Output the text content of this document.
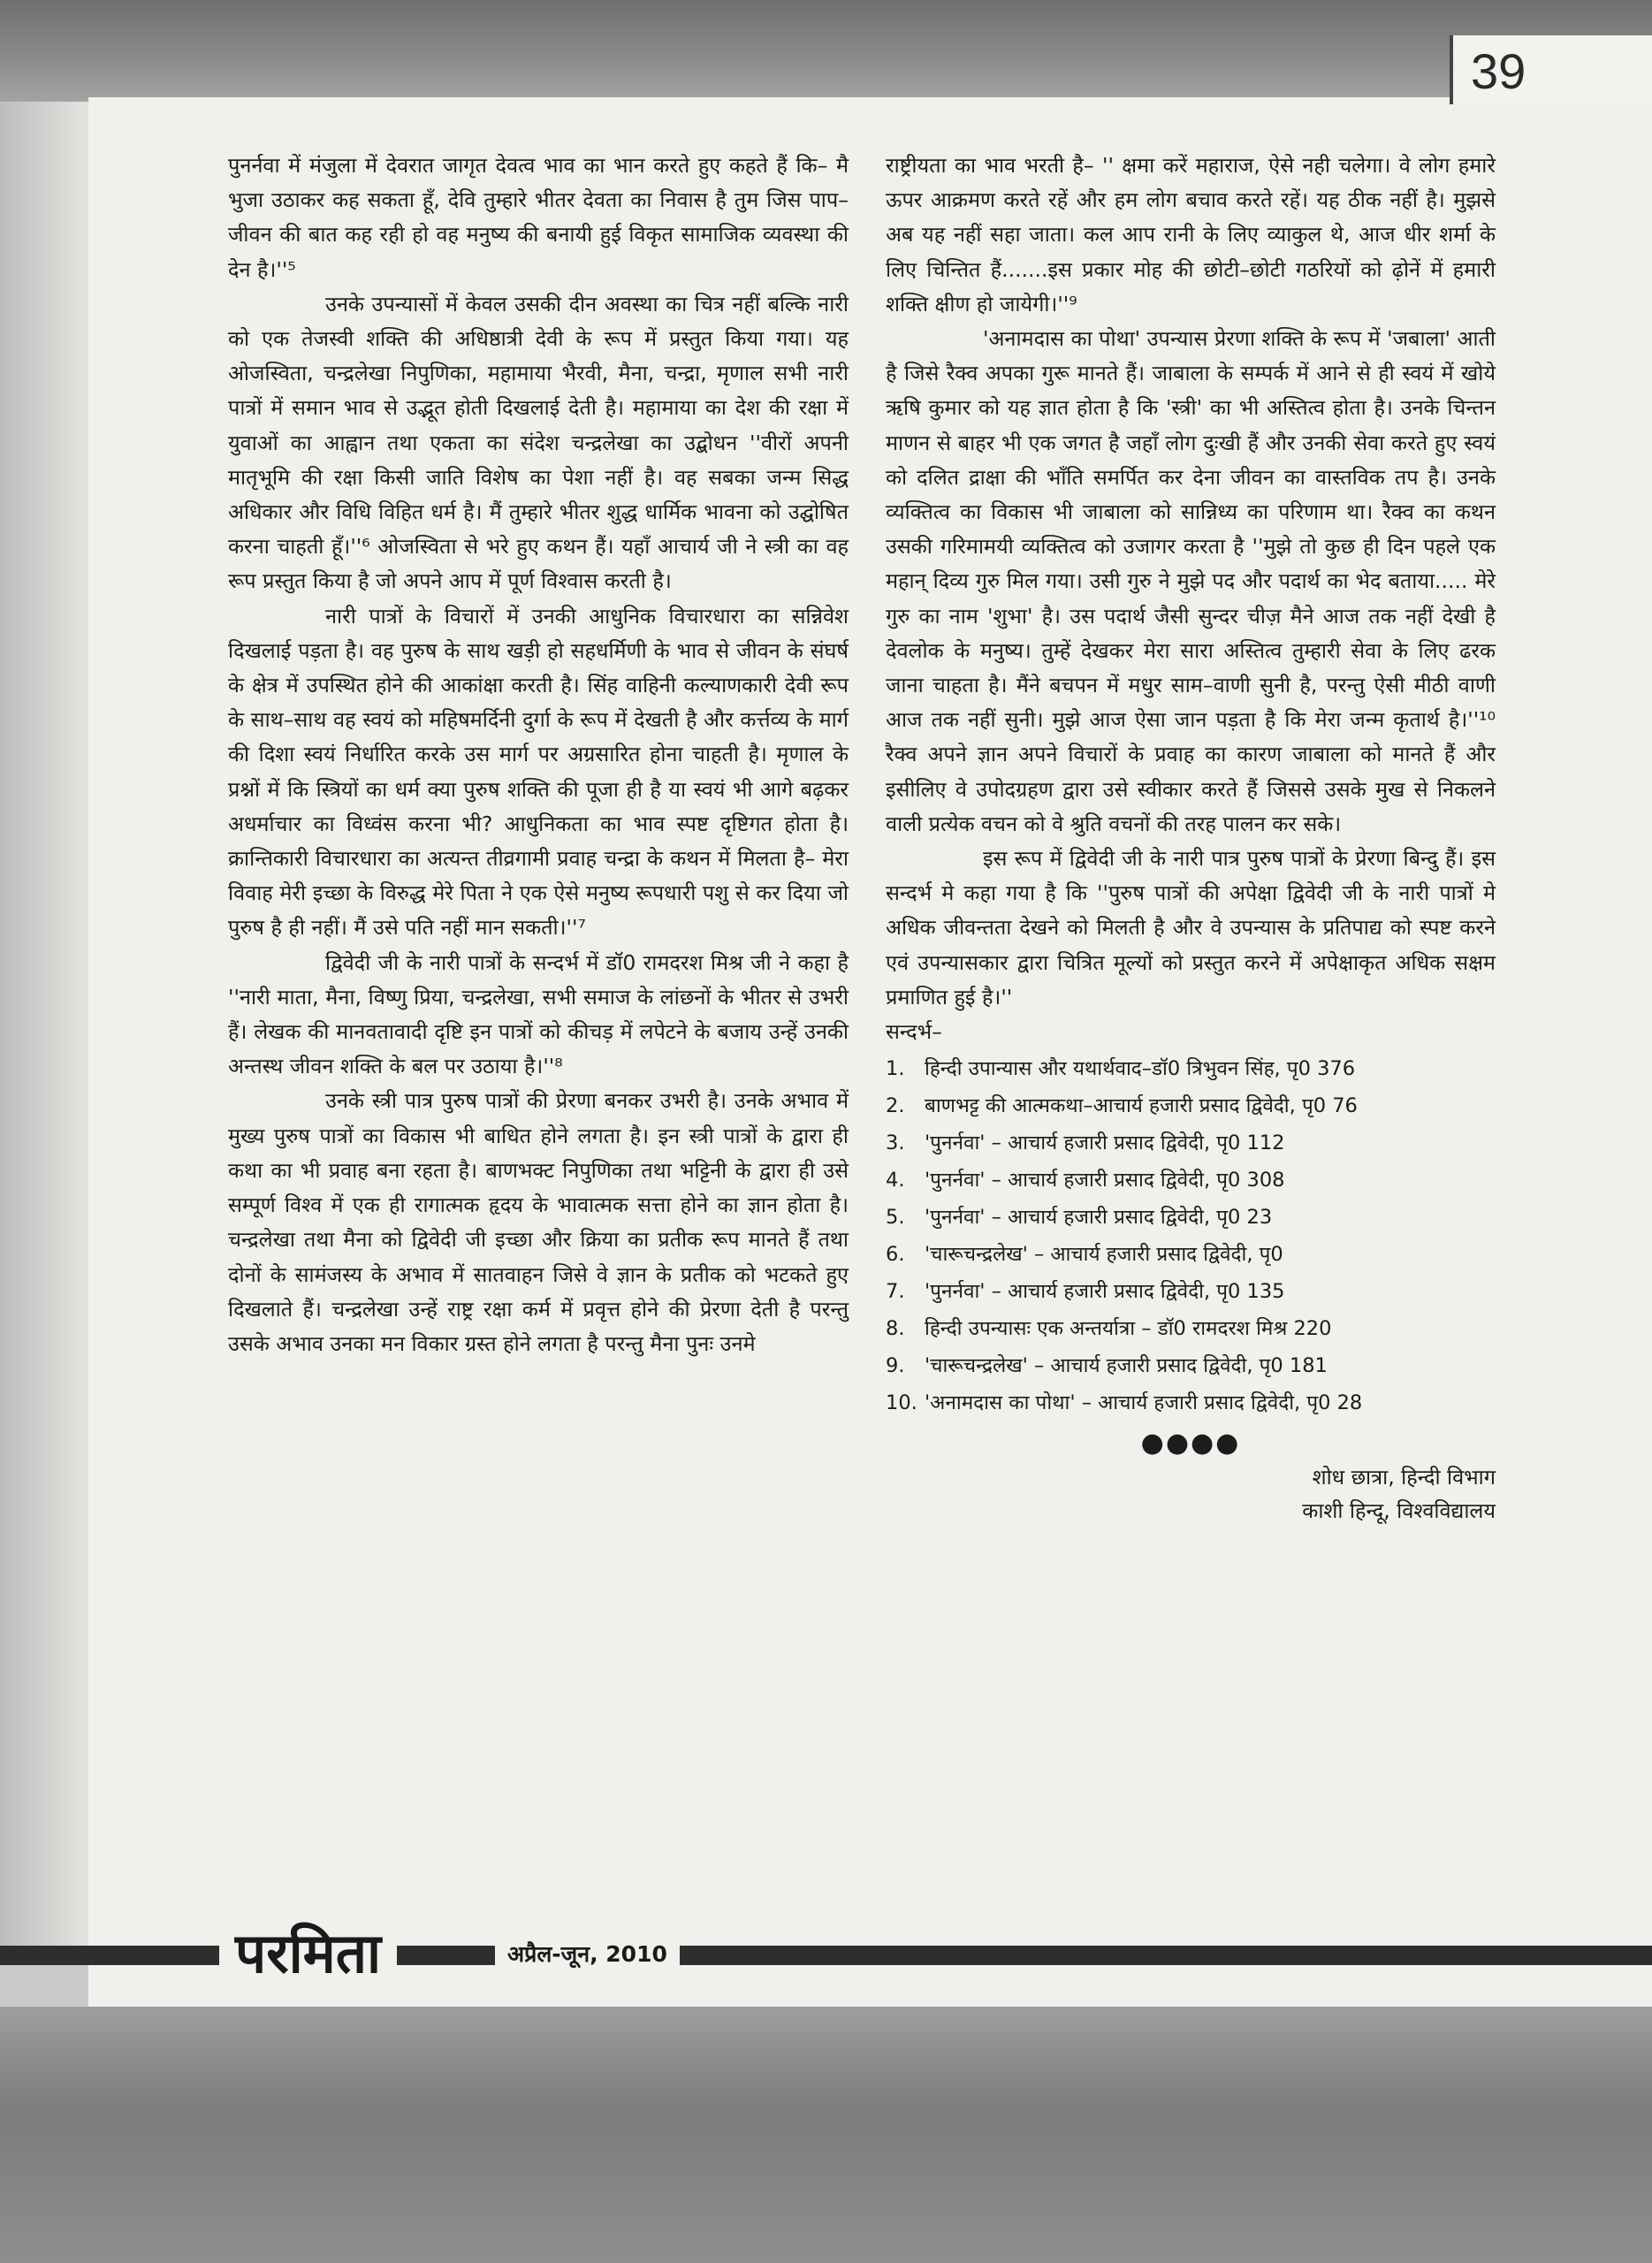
39

पुनर्नवा में मंजुला में देवरात जागृत देवत्व भाव का भान करते हुए कहते हैं कि– मै भुजा उठाकर कह सकता हूँ, देवि तुम्हारे भीतर देवता का निवास है तुम जिस पाप–जीवन की बात कह रही हो वह मनुष्य की बनायी हुई विकृत सामाजिक व्यवस्था की देन है।''⁵

उनके उपन्यासों में केवल उसकी दीन अवस्था का चित्र नहीं बल्कि नारी को एक तेजस्वी शक्ति की अधिष्ठात्री देवी के रूप में प्रस्तुत किया गया। यह ओजस्विता, चन्द्रलेखा निपुणिका, महामाया भैरवी, मैना, चन्द्रा, मृणाल सभी नारी पात्रों में समान भाव से उद्भूत होती दिखलाई देती है। महामाया का देश की रक्षा में युवाओं का आह्वान तथा एकता का संदेश चन्द्रलेखा का उद्बोधन ''वीरों अपनी मातृभूमि की रक्षा किसी जाति विशेष का पेशा नहीं है। वह सबका जन्म सिद्ध अधिकार और विधि विहित धर्म है। मैं तुम्हारे भीतर शुद्ध धार्मिक भावना को उद्घोषित करना चाहती हूँ।''⁶ ओजस्विता से भरे हुए कथन हैं। यहाँ आचार्य जी ने स्त्री का वह रूप प्रस्तुत किया है जो अपने आप में पूर्ण विश्वास करती है।

नारी पात्रों के विचारों में उनकी आधुनिक विचारधारा का सन्निवेश दिखलाई पड़ता है। वह पुरुष के साथ खड़ी हो सहधर्मिणी के भाव से जीवन के संघर्ष के क्षेत्र में उपस्थित होने की आकांक्षा करती है। सिंह वाहिनी कल्याणकारी देवी रूप के साथ–साथ वह स्वयं को महिषमर्दिनी दुर्गा के रूप में देखती है और कर्त्तव्य के मार्ग की दिशा स्वयं निर्धारित करके उस मार्ग पर अग्रसारित होना चाहती है। मृणाल के प्रश्नों में कि स्त्रियों का धर्म क्या पुरुष शक्ति की पूजा ही है या स्वयं भी आगे बढ़कर अधर्माचार का विध्वंस करना भी? आधुनिकता का भाव स्पष्ट दृष्टिगत होता है। क्रान्तिकारी विचारधारा का अत्यन्त तीव्रगामी प्रवाह चन्द्रा के कथन में मिलता है– मेरा विवाह मेरी इच्छा के विरुद्ध मेरे पिता ने एक ऐसे मनुष्य रूपधारी पशु से कर दिया जो पुरुष है ही नहीं। मैं उसे पति नहीं मान सकती।''⁷

द्विवेदी जी के नारी पात्रों के सन्दर्भ में डॉ0 रामदरश मिश्र जी ने कहा है ''नारी माता, मैना, विष्णु प्रिया, चन्द्रलेखा, सभी समाज के लांछनों के भीतर से उभरी हैं। लेखक की मानवतावादी दृष्टि इन पात्रों को कीचड़ में लपेटने के बजाय उन्हें उनकी अन्तस्थ जीवन शक्ति के बल पर उठाया है।''⁸

उनके स्त्री पात्र पुरुष पात्रों की प्रेरणा बनकर उभरी है। उनके अभाव में मुख्य पुरुष पात्रों का विकास भी बाधित होने लगता है। इन स्त्री पात्रों के द्वारा ही कथा का भी प्रवाह बना रहता है। बाणभक्ट निपुणिका तथा भट्टिनी के द्वारा ही उसे सम्पूर्ण विश्व में एक ही रागात्मक हृदय के भावात्मक सत्ता होने का ज्ञान होता है। चन्द्रलेखा तथा मैना को द्विवेदी जी इच्छा और क्रिया का प्रतीक रूप मानते हैं तथा दोनों के सामंजस्य के अभाव में सातवाहन जिसे वे ज्ञान के प्रतीक को भटकते हुए दिखलाते हैं। चन्द्रलेखा उन्हें राष्ट्र रक्षा कर्म में प्रवृत्त होने की प्रेरणा देती है परन्तु उसके अभाव उनका मन विकार ग्रस्त होने लगता है परन्तु मैना पुनः उनमे

राष्ट्रीयता का भाव भरती है– '' क्षमा करें महाराज, ऐसे नही चलेगा। वे लोग हमारे ऊपर आक्रमण करते रहें और हम लोग बचाव करते रहें। यह ठीक नहीं है। मुझसे अब यह नहीं सहा जाता। कल आप रानी के लिए व्याकुल थे, आज धीर शर्मा के लिए चिन्तित हैं.......इस प्रकार मोह की छोटी–छोटी गठरियों को ढ़ोनें में हमारी शक्ति क्षीण हो जायेगी।''⁹

'अनामदास का पोथा' उपन्यास प्रेरणा शक्ति के रूप में 'जबाला' आती है जिसे रैक्व अपका गुरू मानते हैं। जाबाला के सम्पर्क में आने से ही स्वयं में खोये ऋषि कुमार को यह ज्ञात होता है कि 'स्त्री' का भी अस्तित्व होता है। उनके चिन्तन माणन से बाहर भी एक जगत है जहाँ लोग दुःखी हैं और उनकी सेवा करते हुए स्वयं को दलित द्राक्षा की भाँति समर्पित कर देना जीवन का वास्तविक तप है। उनके व्यक्तित्व का विकास भी जाबाला को सान्निध्य का परिणाम था। रैक्व का कथन उसकी गरिमामयी व्यक्तित्व को उजागर करता है ''मुझे तो कुछ ही दिन पहले एक महान् दिव्य गुरु मिल गया। उसी गुरु ने मुझे पद और पदार्थ का भेद बताया..... मेरे गुरु का नाम 'शुभा' है। उस पदार्थ जैसी सुन्दर चीज़ मैने आज तक नहीं देखी है देवलोक के मनुष्य। तुम्हें देखकर मेरा सारा अस्तित्व तुम्हारी सेवा के लिए ढरक जाना चाहता है। मैंने बचपन में मधुर साम–वाणी सुनी है, परन्तु ऐसी मीठी वाणी आज तक नहीं सुनी। मुझे आज ऐसा जान पड़ता है कि मेरा जन्म कृतार्थ है।''¹⁰ रैक्व अपने ज्ञान अपने विचारों के प्रवाह का कारण जाबाला को मानते हैं और इसीलिए वे उपोदग्रहण द्वारा उसे स्वीकार करते हैं जिससे उसके मुख से निकलने वाली प्रत्येक वचन को वे श्रुति वचनों की तरह पालन कर सके।

इस रूप में द्विवेदी जी के नारी पात्र पुरुष पात्रों के प्रेरणा बिन्दु हैं। इस सन्दर्भ मे कहा गया है कि ''पुरुष पात्रों की अपेक्षा द्विवेदी जी के नारी पात्रों मे अधिक जीवन्तता देखने को मिलती है और वे उपन्यास के प्रतिपाद्य को स्पष्ट करने एवं उपन्यासकार द्वारा चित्रित मूल्यों को प्रस्तुत करने में अपेक्षाकृत अधिक सक्षम प्रमाणित हुई है।''

सन्दर्भ–

1.	हिन्दी उपान्यास और यथार्थवाद–डॉ0 त्रिभुवन सिंह, पृ0 376
2.	बाणभट्ट की आत्मकथा–आचार्य हजारी प्रसाद द्विवेदी, पृ0 76
3.	'पुनर्नवा' – आचार्य हजारी प्रसाद द्विवेदी, पृ0 112
4.	'पुनर्नवा' – आचार्य हजारी प्रसाद द्विवेदी, पृ0 308
5.	'पुनर्नवा' – आचार्य हजारी प्रसाद द्विवेदी, पृ0 23
6.	'चारूचन्द्रलेख' – आचार्य हजारी प्रसाद द्विवेदी, पृ0
7.	'पुनर्नवा' – आचार्य हजारी प्रसाद द्विवेदी, पृ0 135
8.	हिन्दी उपन्यासः एक अन्तर्यात्रा – डॉ0 रामदरश मिश्र 220
9.	'चारूचन्द्रलेख' – आचार्य हजारी प्रसाद द्विवेदी, पृ0 181
10. 'अनामदास का पोथा' – आचार्य हजारी प्रसाद द्विवेदी, पृ0 28
●●●●
शोध छात्रा, हिन्दी विभाग
काशी हिन्दू, विश्वविद्यालय
परमिता	अप्रैल-जून, 2010
